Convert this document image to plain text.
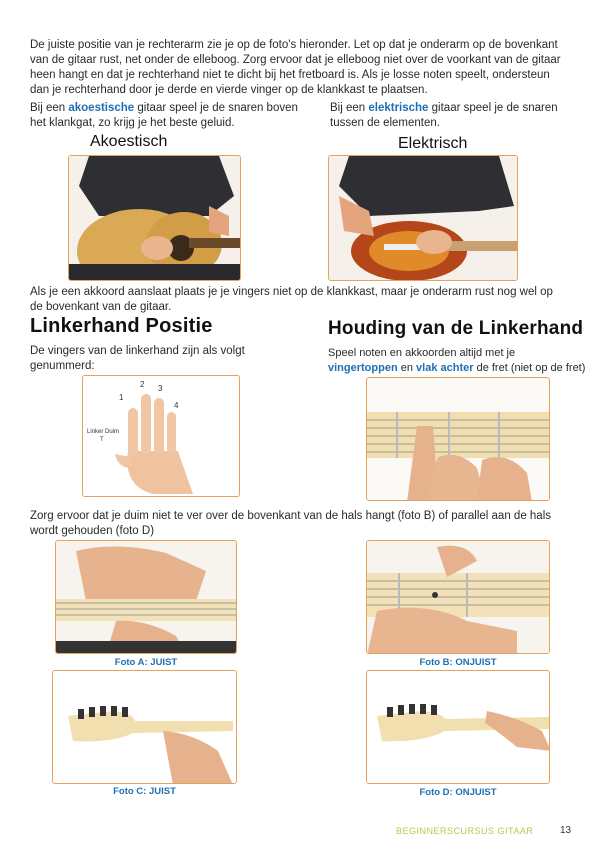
De juiste positie van je rechterarm zie je op de foto's hieronder. Let op dat je onderarm op de bovenkant
van de gitaar rust, net onder de elleboog. Zorg ervoor dat je elleboog niet over de voorkant van de gitaar
heen hangt en dat je rechterhand niet te dicht bij het fretboard is. Als je losse noten speelt, ondersteun
dan je rechterhand door je derde en vierde vinger op de klankkast te plaatsen.
Bij een akoestische gitaar speel je de snaren boven
het klankgat, zo krijg je het beste geluid.
Bij een elektrische gitaar speel je de snaren
tussen de elementen.
Akoestisch	Elektrisch
Als je een akkoord aanslaat plaats je je vingers niet op de klankkast, maar je onderarm rust nog wel op
de bovenkant van de gitaar.
Linkerhand Positie
De vingers van de linkerhand zijn als volgt
genummerd:
1
2 3
4
Linker Duim
T
Houding van de Linkerhand
Speel noten en akkoorden altijd met je
vingertoppen en vlak achter de fret (niet op de fret)
Zorg ervoor dat je duim niet te ver over de bovenkant van de hals hangt (foto B) of parallel aan de hals
wordt gehouden (foto D)
Foto A: JUIST	Foto B: ONJUIST
Foto C: JUIST	Foto D: ONJUIST
BEGINNERSCURSUS GITAAR	13
